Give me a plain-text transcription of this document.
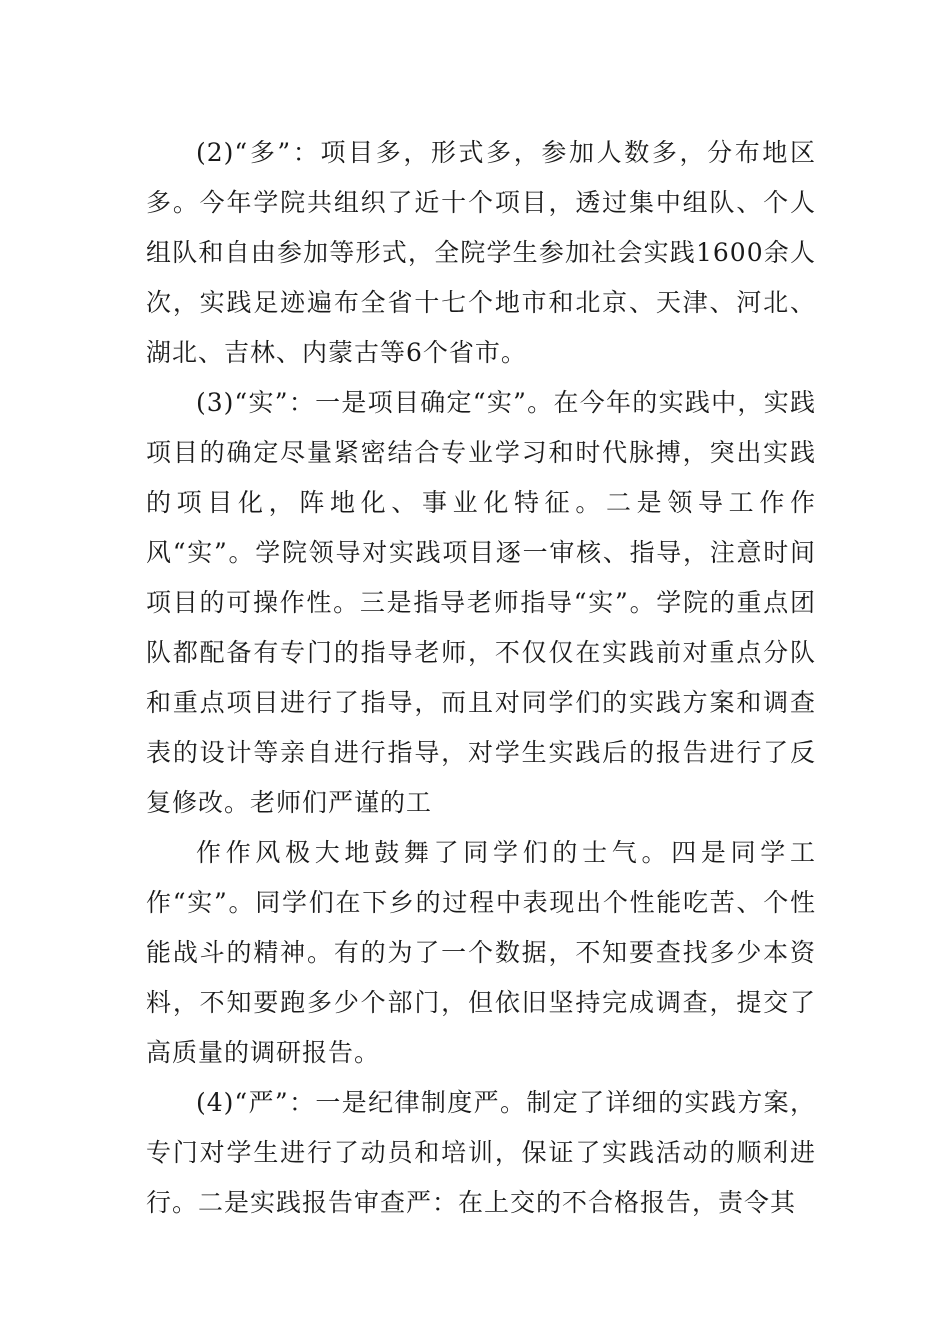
(2)“多”：项目多，形式多，参加人数多，分布地区多。今年学院共组织了近十个项目，透过集中组队、个人组队和自由参加等形式，全院学生参加社会实践1600余人次，实践足迹遍布全省十七个地市和北京、天津、河北、湖北、吉林、内蒙古等6个省市。

(3)“实”：一是项目确定“实”。在今年的实践中，实践项目的确定尽量紧密结合专业学习和时代脉搏，突出实践的项目化，阵地化、事业化特征。二是领导工作作风“实”。学院领导对实践项目逐一审核、指导，注意时间项目的可操作性。三是指导老师指导“实”。学院的重点团队都配备有专门的指导老师，不仅仅在实践前对重点分队和重点项目进行了指导，而且对同学们的实践方案和调查表的设计等亲自进行指导，对学生实践后的报告进行了反复修改。老师们严谨的工

作作风极大地鼓舞了同学们的士气。四是同学工作“实”。同学们在下乡的过程中表现出个性能吃苦、个性能战斗的精神。有的为了一个数据，不知要查找多少本资料，不知要跑多少个部门，但依旧坚持完成调查，提交了高质量的调研报告。

(4)“严”：一是纪律制度严。制定了详细的实践方案，专门对学生进行了动员和培训，保证了实践活动的顺利进行。二是实践报告审查严：在上交的不合格报告，责令其
